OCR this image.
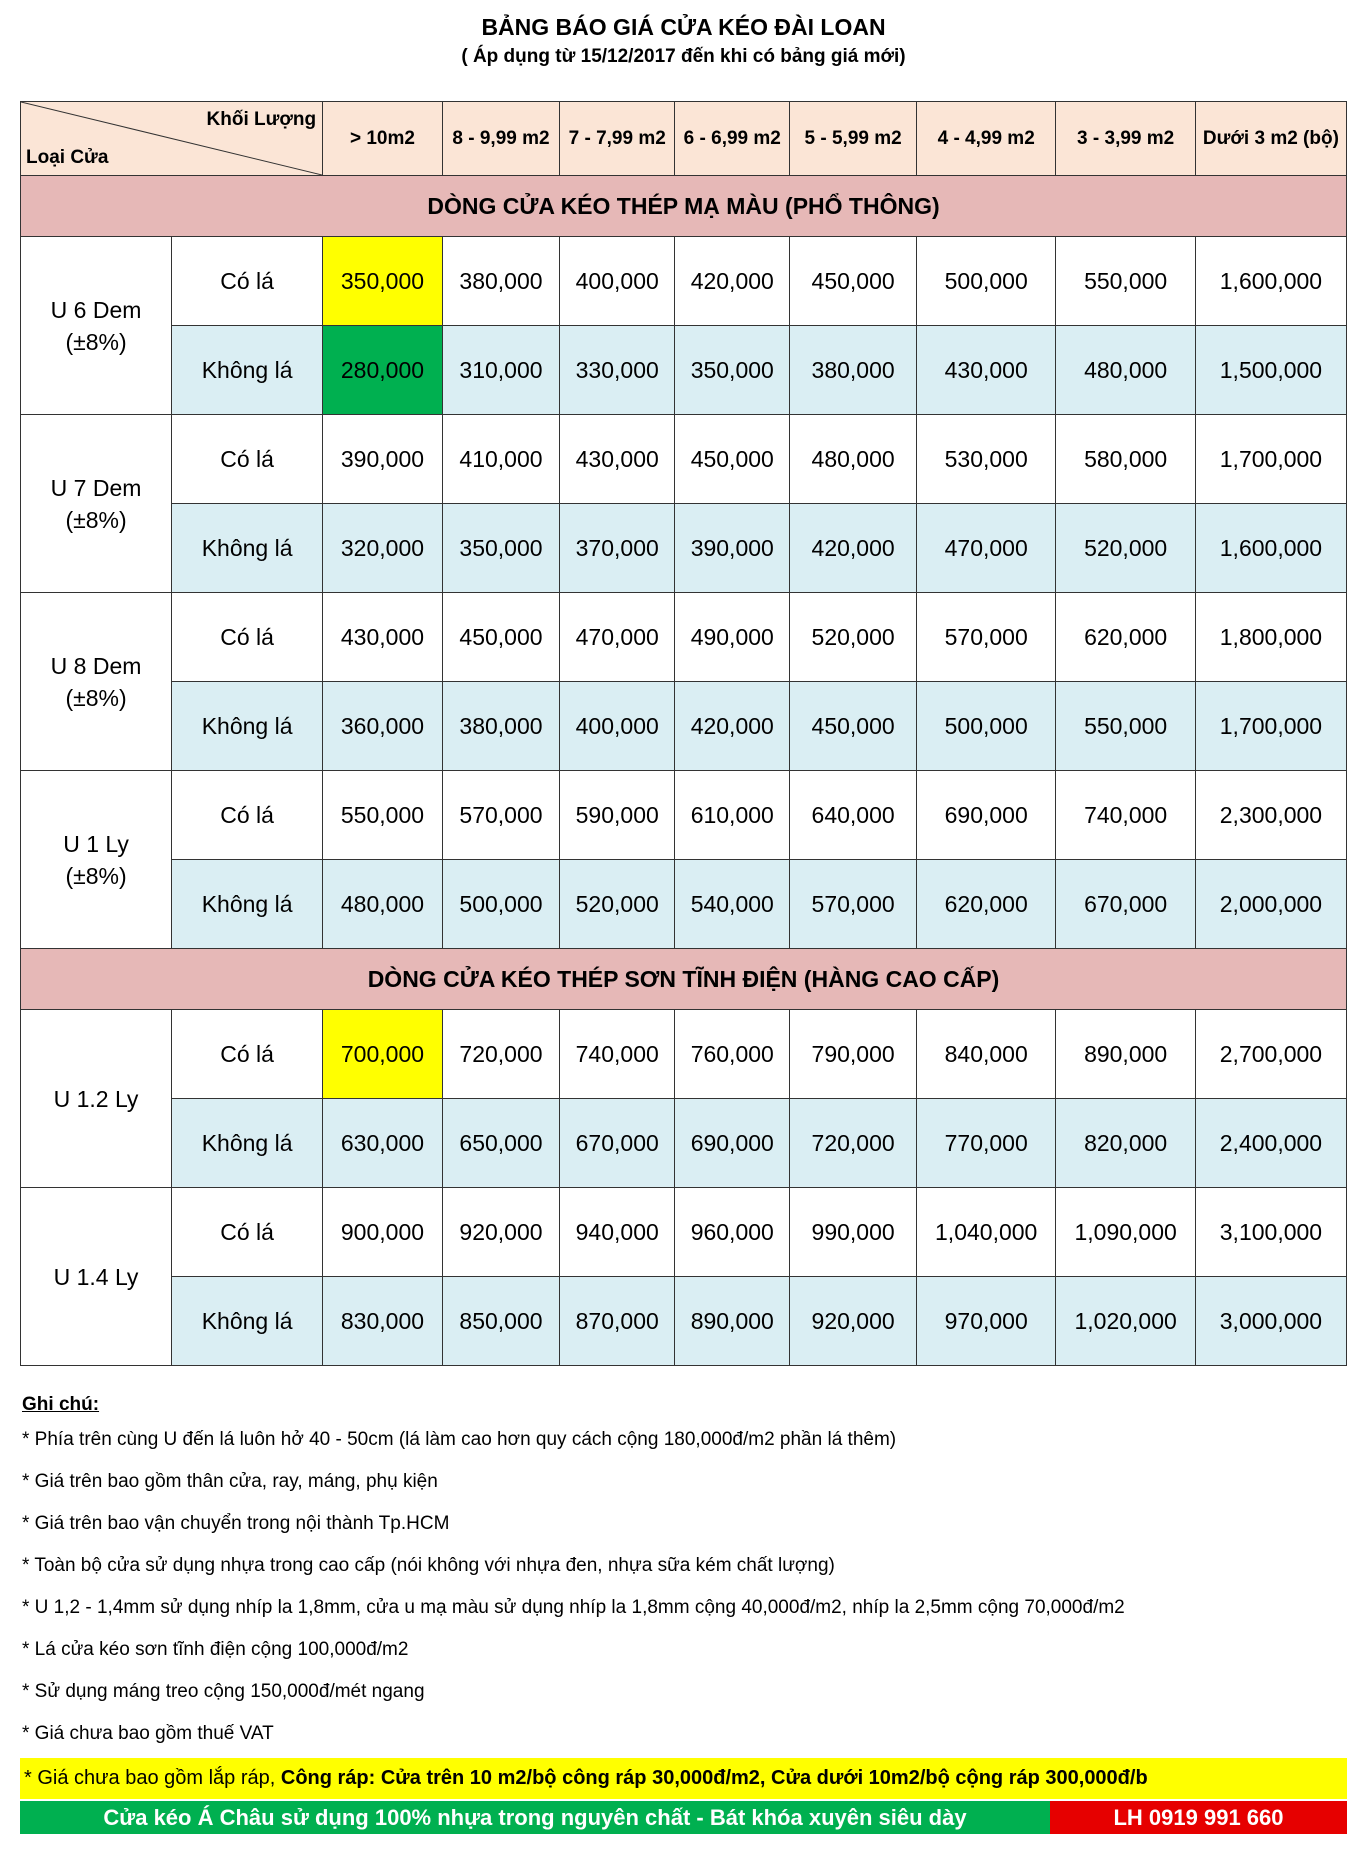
BẢNG BÁO GIÁ CỬA KÉO ĐÀI LOAN
( Áp dụng từ 15/12/2017 đến khi có bảng giá mới)
Khối Lượng
Loại Cửa		> 10m2	8 - 9,99 m2	7 - 7,99 m2	6 - 6,99 m2	5 - 5,99 m2	4 - 4,99 m2	3 - 3,99 m2	Dưới 3 m2 (bộ)
DÒNG CỬA KÉO THÉP MẠ MÀU (PHỔ THÔNG)									

U 6 Dem
(±8%)	Có lá	350,000	380,000	400,000	420,000	450,000	500,000	550,000	1,600,000
	Không lá	280,000	310,000	330,000	350,000	380,000	430,000	480,000	1,500,000

U 7 Dem
(±8%)	Có lá	390,000	410,000	430,000	450,000	480,000	530,000	580,000	1,700,000
	Không lá	320,000	350,000	370,000	390,000	420,000	470,000	520,000	1,600,000

U 8 Dem
(±8%)	Có lá	430,000	450,000	470,000	490,000	520,000	570,000	620,000	1,800,000
	Không lá	360,000	380,000	400,000	420,000	450,000	500,000	550,000	1,700,000

U 1 Ly
(±8%)	Có lá	550,000	570,000	590,000	610,000	640,000	690,000	740,000	2,300,000
	Không lá	480,000	500,000	520,000	540,000	570,000	620,000	670,000	2,000,000
DÒNG CỬA KÉO THÉP SƠN TĨNH ĐIỆN (HÀNG CAO CẤP)									

U 1.2 Ly	Có lá	700,000	720,000	740,000	760,000	790,000	840,000	890,000	2,700,000
	Không lá	630,000	650,000	670,000	690,000	720,000	770,000	820,000	2,400,000

U 1.4 Ly	Có lá	900,000	920,000	940,000	960,000	990,000	1,040,000	1,090,000	3,100,000
	Không lá	830,000	850,000	870,000	890,000	920,000	970,000	1,020,000	3,000,000
Ghi chú:
* Phía trên cùng U đến lá luôn hở 40 - 50cm (lá làm cao hơn quy cách cộng 180,000đ/m2 phần lá thêm)
* Giá trên bao gồm thân cửa, ray, máng, phụ kiện
* Giá trên bao vận chuyển trong nội thành Tp.HCM
* Toàn bộ cửa sử dụng nhựa trong cao cấp (nói không với nhựa đen, nhựa sữa kém chất lượng)
* U 1,2 - 1,4mm sử dụng nhíp la 1,8mm, cửa u mạ màu sử dụng nhíp la 1,8mm cộng 40,000đ/m2, nhíp la 2,5mm cộng 70,000đ/m2
* Lá cửa kéo sơn tĩnh điện cộng 100,000đ/m2
* Sử dụng máng treo cộng 150,000đ/mét ngang
* Giá chưa bao gồm thuế VAT
* Giá chưa bao gồm lắp ráp, Công ráp: Cửa trên 10 m2/bộ công ráp 30,000đ/m2, Cửa dưới 10m2/bộ cộng ráp 300,000đ/b
Cửa kéo Á Châu sử dụng 100% nhựa trong nguyên chất - Bát khóa xuyên siêu dày	LH 0919 991 660
